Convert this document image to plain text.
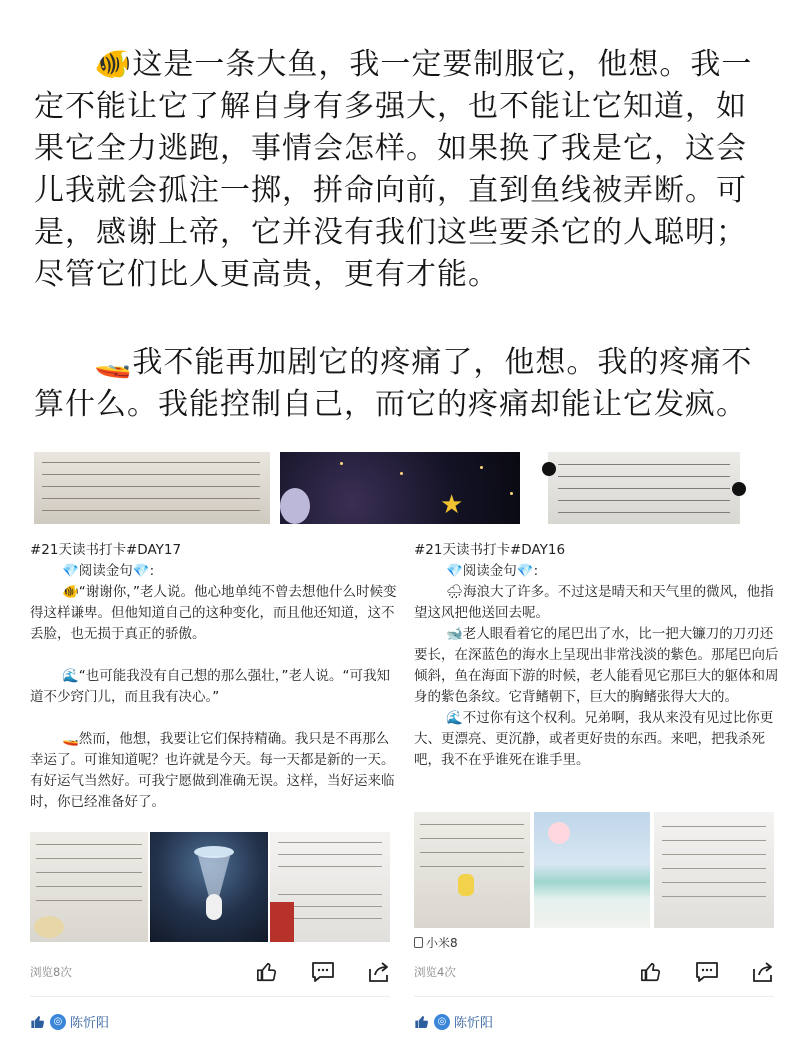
🐠这是一条大鱼，我一定要制服它，他想。我一定不能让它了解自身有多强大，也不能让它知道，如果它全力逃跑，事情会怎样。如果换了我是它，这会儿我就会孤注一掷，拼命向前，直到鱼线被弄断。可是，感谢上帝，它并没有我们这些要杀它的人聪明；尽管它们比人更高贵，更有才能。

🚤我不能再加剧它的疼痛了，他想。我的疼痛不算什么。我能控制自己，而它的疼痛却能让它发疯。

★
#21天读书打卡#DAY17
💎阅读金句💎:

🐠“谢谢你，”老人说。他心地单纯不曾去想他什么时候变得这样谦卑。但他知道自己的这种变化，而且他还知道，这不丢脸，也无损于真正的骄傲。

🌊“也可能我没有自己想的那么强壮，”老人说。“可我知道不少窍门儿，而且我有决心。”

🚤然而，他想，我要让它们保持精确。我只是不再那么幸运了。可谁知道呢？也许就是今天。每一天都是新的一天。有好运气当然好。可我宁愿做到准确无误。这样，当好运来临时，你已经准备好了。

浏览8次
◎ 陈忻阳
#21天读书打卡#DAY16
💎阅读金句💎:

🌧海浪大了许多。不过这是晴天和天气里的微风，他指望这风把他送回去呢。

🐋老人眼看着它的尾巴出了水，比一把大镰刀的刀刃还要长，在深蓝色的海水上呈现出非常浅淡的紫色。那尾巴向后倾斜，鱼在海面下游的时候，老人能看见它那巨大的躯体和周身的紫色条纹。它背鳍朝下，巨大的胸鳍张得大大的。

🌊不过你有这个权利。兄弟啊，我从来没有见过比你更大、更漂亮、更沉静，或者更好贵的东西。来吧，把我杀死吧，我不在乎谁死在谁手里。

小米8
浏览4次
◎ 陈忻阳
